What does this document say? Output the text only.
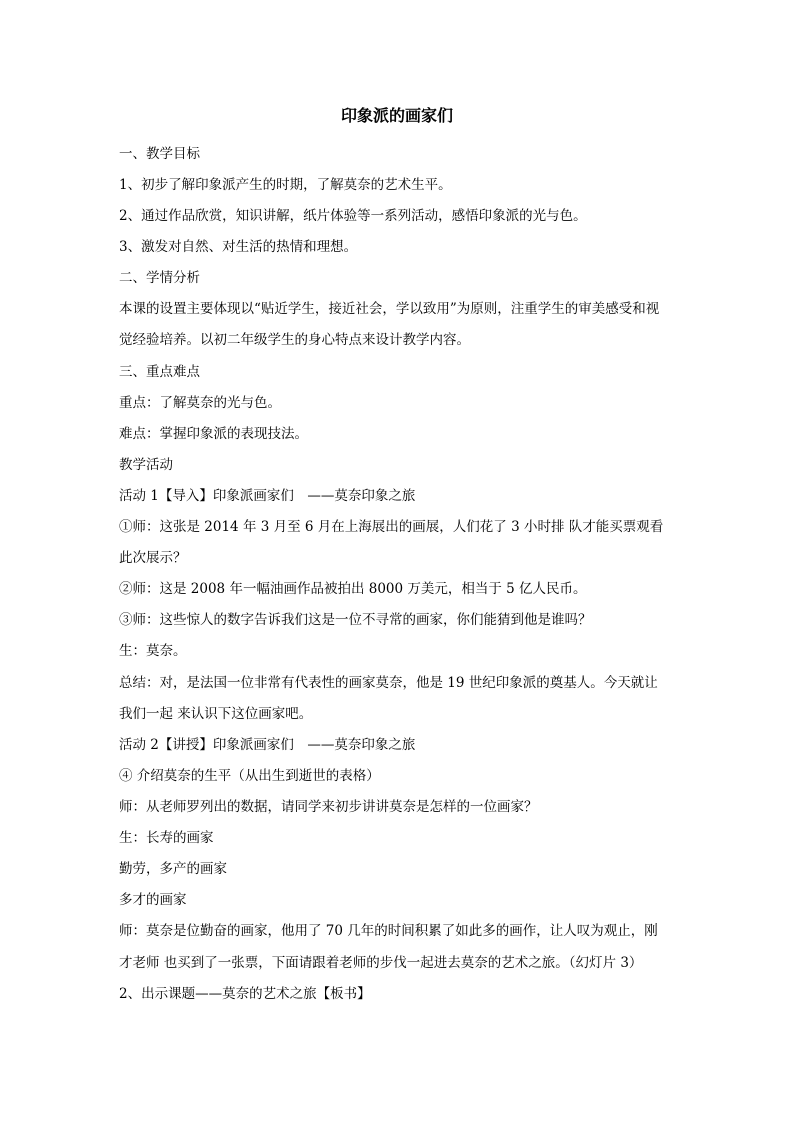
印象派的画家们
一、教学目标
1、初步了解印象派产生的时期，了解莫奈的艺术生平。
2、通过作品欣赏，知识讲解，纸片体验等一系列活动，感悟印象派的光与色。
3、激发对自然、对生活的热情和理想。
二、学情分析
本课的设置主要体现以“贴近学生，接近社会，学以致用”为原则，注重学生的审美感受和视
觉经验培养。以初二年级学生的身心特点来设计教学内容。
三、重点难点
重点：了解莫奈的光与色。
难点：掌握印象派的表现技法。
教学活动
活动 1【导入】印象派画家们　——莫奈印象之旅
①师：这张是 2014 年 3 月至 6 月在上海展出的画展，人们花了 3 小时排 队才能买票观看
此次展示？
②师：这是 2008 年一幅油画作品被拍出 8000 万美元，相当于 5 亿人民币。
③师：这些惊人的数字告诉我们这是一位不寻常的画家，你们能猜到他是谁吗？
生：莫奈。
总结：对，是法国一位非常有代表性的画家莫奈，他是 19 世纪印象派的奠基人。今天就让
我们一起 来认识下这位画家吧。
活动 2【讲授】印象派画家们　——莫奈印象之旅
④ 介绍莫奈的生平（从出生到逝世的表格）
师：从老师罗列出的数据，请同学来初步讲讲莫奈是怎样的一位画家？
生：长寿的画家
勤劳，多产的画家
多才的画家
师：莫奈是位勤奋的画家，他用了 70 几年的时间积累了如此多的画作，让人叹为观止，刚
才老师 也买到了一张票，下面请跟着老师的步伐一起进去莫奈的艺术之旅。（幻灯片 3）
2、出示课题——莫奈的艺术之旅【板书】
